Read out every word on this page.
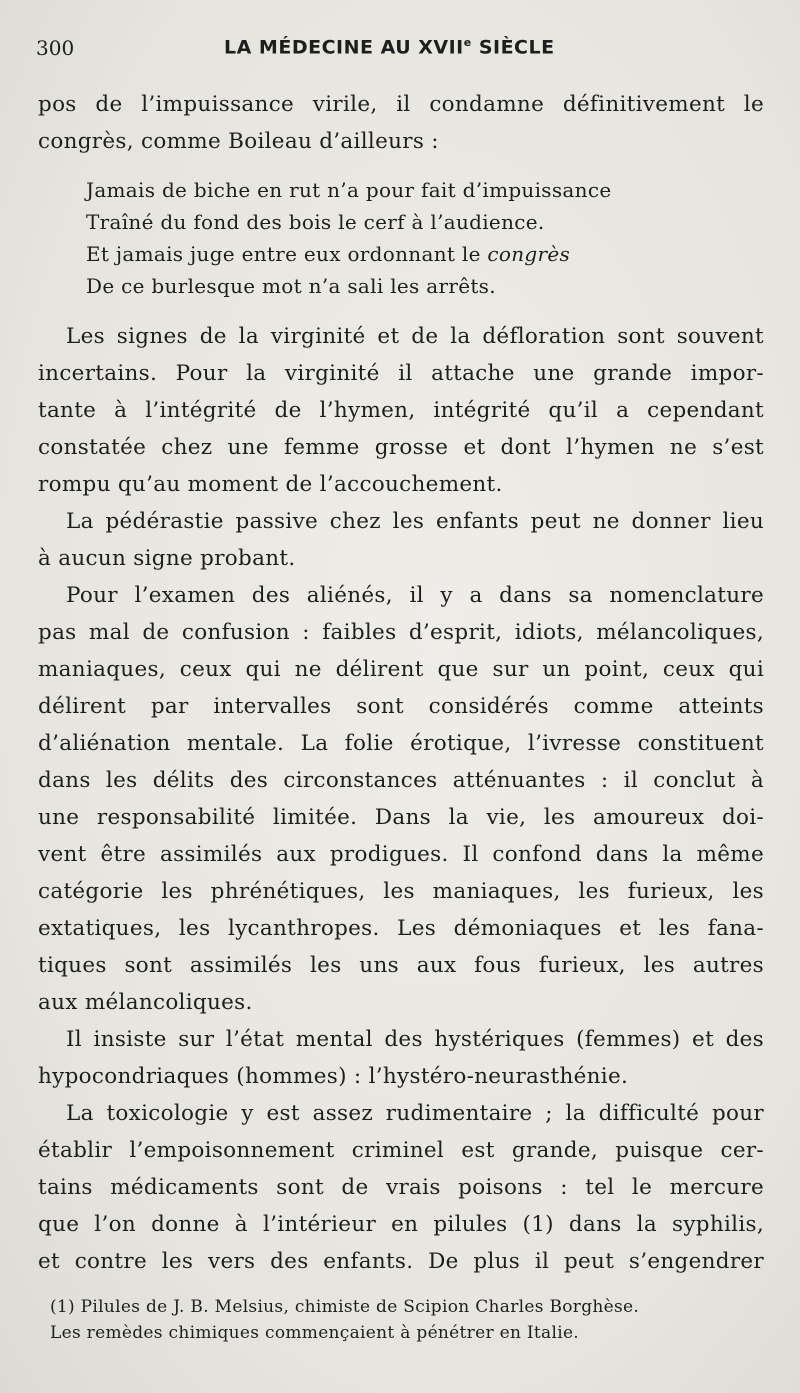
300	LA MÉDECINE AU XVIIe SIÈCLE
pos de l’impuissance virile, il condamne définitivement le
congrès, comme Boileau d’ailleurs :
Jamais de biche en rut n’a pour fait d’impuissance
Traîné du fond des bois le cerf à l’audience.
Et jamais juge entre eux ordonnant le congrès
De ce burlesque mot n’a sali les arrêts.
Les signes de la virginité et de la défloration sont souvent
incertains. Pour la virginité il attache une grande impor-
tante à l’intégrité de l’hymen, intégrité qu’il a cependant
constatée chez une femme grosse et dont l’hymen ne s’est
rompu qu’au moment de l’accouchement.
La pédérastie passive chez les enfants peut ne donner lieu
à aucun signe probant.
Pour l’examen des aliénés, il y a dans sa nomenclature
pas mal de confusion : faibles d’esprit, idiots, mélancoliques,
maniaques, ceux qui ne délirent que sur un point, ceux qui
délirent par intervalles sont considérés comme atteints
d’aliénation mentale. La folie érotique, l’ivresse constituent
dans les délits des circonstances atténuantes : il conclut à
une responsabilité limitée. Dans la vie, les amoureux doi-
vent être assimilés aux prodigues. Il confond dans la même
catégorie les phrénétiques, les maniaques, les furieux, les
extatiques, les lycanthropes. Les démoniaques et les fana-
tiques sont assimilés les uns aux fous furieux, les autres
aux mélancoliques.
Il insiste sur l’état mental des hystériques (femmes) et des
hypocondriaques (hommes) : l’hystéro-neurasthénie.
La toxicologie y est assez rudimentaire ; la difficulté pour
établir l’empoisonnement criminel est grande, puisque cer-
tains médicaments sont de vrais poisons : tel le mercure
que l’on donne à l’intérieur en pilules (1) dans la syphilis,
et contre les vers des enfants. De plus il peut s’engendrer
(1) Pilules de J. B. Melsius, chimiste de Scipion Charles Borghèse.
Les remèdes chimiques commençaient à pénétrer en Italie.
